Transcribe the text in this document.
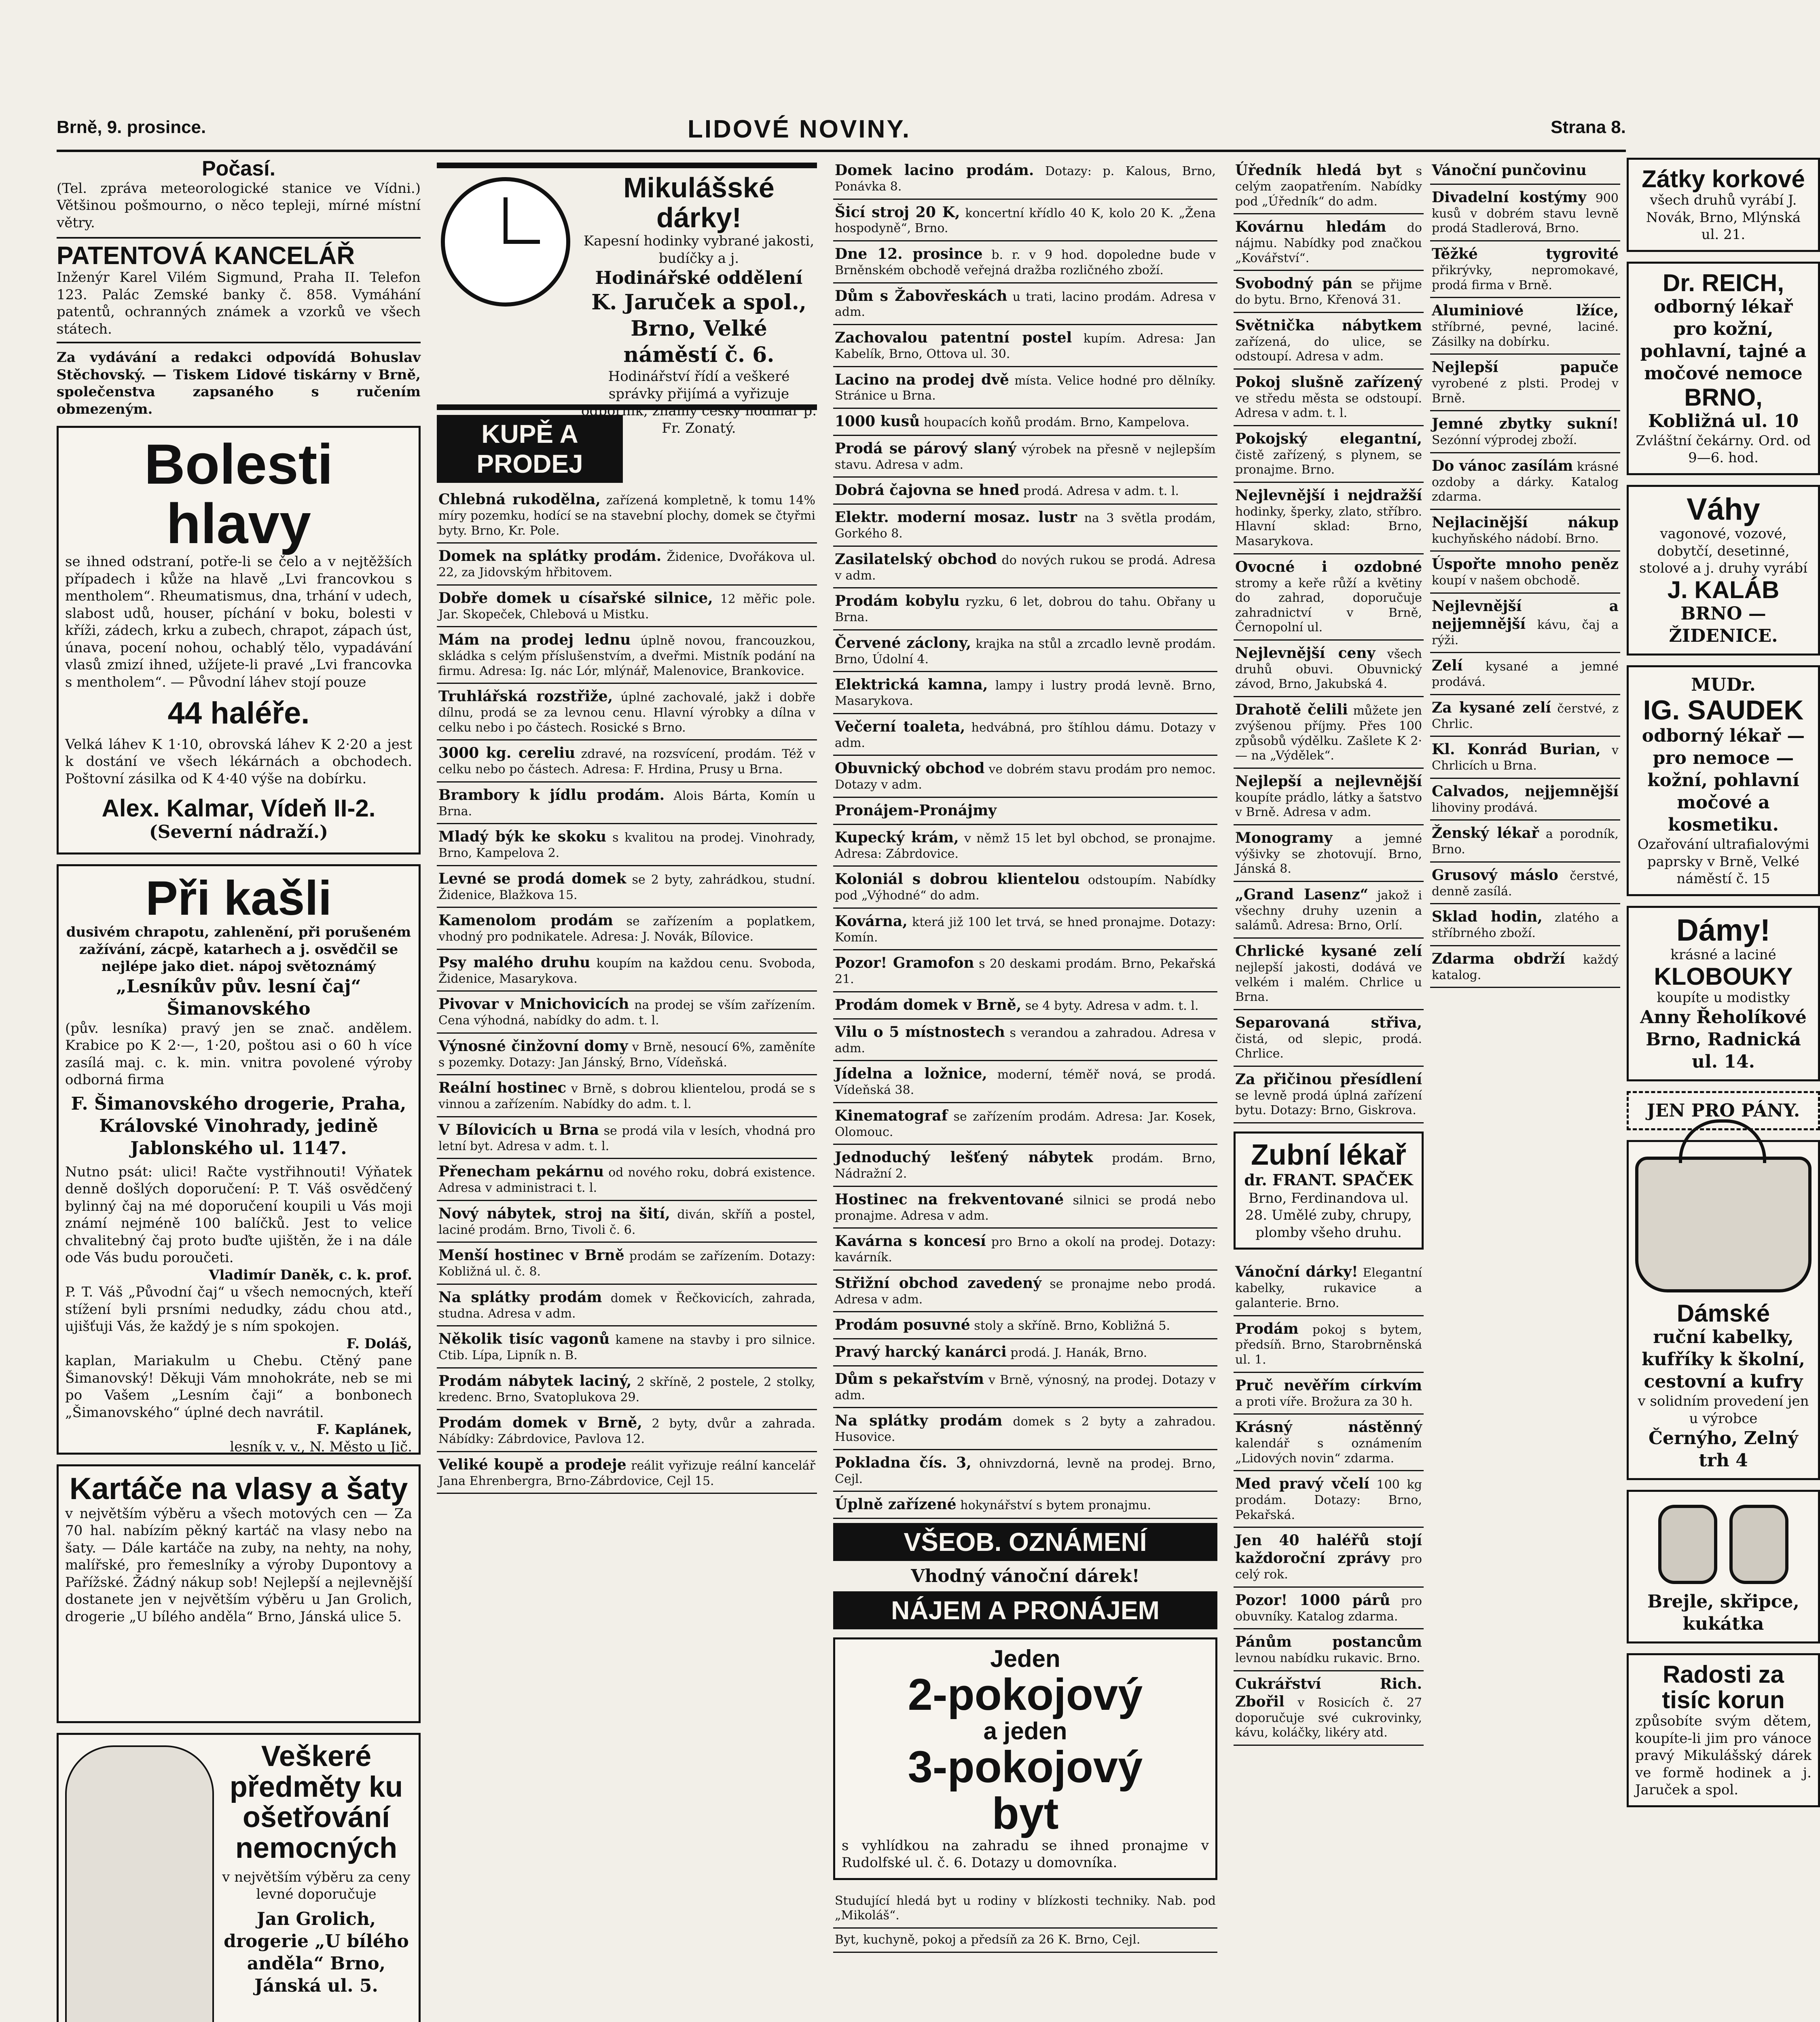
Brně, 9. prosince.	LIDOVÉ NOVINY.	Strana 8.
Počasí.
(Tel. zpráva meteorologické stanice ve Vídni.) Většinou pošmourno, o něco tepleji, mírné místní větry.
PATENTOVÁ KANCELÁŘ
Inženýr Karel Vilém Sigmund, Praha II. Telefon 123. Palác Zemské banky č. 858. Vymáhání patentů, ochranných známek a vzorků ve všech státech.
Za vydávání a redakci odpovídá Bohuslav Stěchovský. — Tiskem Lidové tiskárny v Brně, společenstva zapsaného s ručením obmezeným.
Bolesti hlavy
se ihned odstraní, potře-li se čelo a v nejtěžších případech i kůže na hlavě „Lvi francovkou s mentholem“. Rheumatismus, dna, trhání v udech, slabost udů, houser, píchání v boku, bolesti v kříži, zádech, krku a zubech, chrapot, zápach úst, únava, pocení nohou, ochablý tělo, vypadávání vlasů zmizí ihned, užíjete-li pravé „Lvi francovka s mentholem“. — Původní láhev stojí pouze
44 haléře.
Velká láhev K 1·10, obrovská láhev K 2·20 a jest k dostání ve všech lékárnách a obchodech. Poštovní zásilka od K 4·40 výše na dobírku.
Alex. Kalmar, Vídeň II-2.
(Severní nádraží.)
Při kašli
dusivém chrapotu, zahlenění, při porušeném zažívání, zácpě, katarhech a j. osvědčil se nejlépe jako diet. nápoj světoznámý
„Lesníkův pův. lesní čaj“ Šimanovského
(pův. lesníka) pravý jen se znač. andělem. Krabice po K 2·—, 1·20, poštou asi o 60 h více zasílá maj. c. k. min. vnitra povolené výroby odborná firma
F. Šimanovského drogerie, Praha, Královské Vinohrady, jedině Jablonského ul. 1147.
Nutno psát: ulici! Račte vystřihnouti! Výňatek denně došlých doporučení: P. T. Váš osvědčený bylinný čaj na mé doporučení koupili u Vás moji známí nejméně 100 balíčků. Jest to velice chvalitebný čaj proto buďte ujištěn, že i na dále ode Vás budu poroučeti.
Vladimír Daněk, c. k. prof.
P. T. Váš „Původní čaj“ u všech nemocných, kteří stížení byli prsními nedudky, zádu chou atd., ujišťuji Vás, že každý je s ním spokojen.
F. Doláš,
kaplan, Mariakulm u Chebu. Ctěný pane Šimanovský! Děkuji Vám mnohokráte, neb se mi po Vašem „Lesním čaji“ a bonbonech „Šimanovského“ úplné dech navrátil.
F. Kaplánek,
lesník v. v., N. Město u Jič.
Kartáče na vlasy a šaty
v největším výběru a všech motových cen — Za 70 hal. nabízím pěkný kartáč na vlasy nebo na šaty. — Dále kartáče na zuby, na nehty, na nohy, malířské, pro řemeslníky a výroby Dupontovy a Pařížské. Žádný nákup sob! Nejlepší a nejlevnější dostanete jen v největším výběru u Jan Grolich, drogerie „U bílého anděla“ Brno, Jánská ulice 5.
Veškeré předměty ku ošetřování nemocných
v největším výběru za ceny levné doporučuje
Jan Grolich, drogerie „U bílého anděla“ Brno, Jánská ul. 5.
Mikulášské dárky!
Kapesní hodinky vybrané jakosti, budíčky a j.
Hodinářské oddělení
K. Jaruček a spol., Brno, Velké náměstí č. 6.
Hodinářství řídí a veškeré správky přijímá a vyřizuje odborník, známý český hodinář p. Fr. Zonatý.
KUPĚ A PRODEJ
Chlebná rukodělna, zařízená kompletně, k tomu 14% míry pozemku, hodící se na stavební plochy, domek se čtyřmi byty. Brno, Kr. Pole.
Domek na splátky prodám. Židenice, Dvořákova ul. 22, za Jidovským hřbitovem.
Dobře domek u císařské silnice, 12 měřic pole. Jar. Skopeček, Chlebová u Mistku.
Mám na prodej lednu úplně novou, francouzkou, skládka s celým příslušenstvím, a dveřmi. Mistník podání na firmu. Adresa: Ig. nác Lór, mlýnář, Malenovice, Brankovice.
Truhlářská rozstřiže, úplné zachovalé, jakž i dobře dílnu, prodá se za levnou cenu. Hlavní výrobky a dílna v celku nebo i po částech. Rosické s Brno.
3000 kg. cereliu zdravé, na rozsvícení, prodám. Též v celku nebo po částech. Adresa: F. Hrdina, Prusy u Brna.
Brambory k jídlu prodám. Alois Bárta, Komín u Brna.
Mladý býk ke skoku s kvalitou na prodej. Vinohrady, Brno, Kampelova 2.
Levné se prodá domek se 2 byty, zahrádkou, studní. Židenice, Blažkova 15.
Kamenolom prodám se zařízením a poplatkem, vhodný pro podnikatele. Adresa: J. Novák, Bílovice.
Psy malého druhu koupím na každou cenu. Svoboda, Židenice, Masarykova.
Pivovar v Mnichovicích na prodej se vším zařízením. Cena výhodná, nabídky do adm. t. l.
Výnosné činžovní domy v Brně, nesoucí 6%, zaměníte s pozemky. Dotazy: Jan Jánský, Brno, Vídeňská.
Reální hostinec v Brně, s dobrou klientelou, prodá se s vinnou a zařízením. Nabídky do adm. t. l.
V Bílovicích u Brna se prodá vila v lesích, vhodná pro letní byt. Adresa v adm. t. l.
Přenecham pekárnu od nového roku, dobrá existence. Adresa v administraci t. l.
Nový nábytek, stroj na šití, diván, skříň a postel, laciné prodám. Brno, Tivoli č. 6.
Menší hostinec v Brně prodám se zařízením. Dotazy: Kobližná ul. č. 8.
Na splátky prodám domek v Řečkovicích, zahrada, studna. Adresa v adm.
Několik tisíc vagonů kamene na stavby i pro silnice. Ctib. Lípa, Lipník n. B.
Prodám nábytek laciný, 2 skříně, 2 postele, 2 stolky, kredenc. Brno, Svatoplukova 29.
Prodám domek v Brně, 2 byty, dvůr a zahrada. Nábídky: Zábrdovice, Pavlova 12.
Veliké koupě a prodeje reálit vyřizuje reální kancelář Jana Ehrenbergra, Brno-Zábrdovice, Cejl 15.
Domek lacino prodám. Dotazy: p. Kalous, Brno, Ponávka 8.
Šicí stroj 20 K, koncertní křídlo 40 K, kolo 20 K. „Žena hospodyně“, Brno.
Dne 12. prosince b. r. v 9 hod. dopoledne bude v Brněnském obchodě veřejná dražba rozličného zboží.
Dům s Žabovřeskách u trati, lacino prodám. Adresa v adm.
Zachovalou patentní postel kupím. Adresa: Jan Kabelík, Brno, Ottova ul. 30.
Lacino na prodej dvě místa. Velice hodné pro dělníky. Stránice u Brna.
1000 kusů houpacích koňů prodám. Brno, Kampelova.
Prodá se párový slaný výrobek na přesně v nejlepším stavu. Adresa v adm.
Dobrá čajovna se hned prodá. Adresa v adm. t. l.
Elektr. moderní mosaz. lustr na 3 světla prodám, Gorkého 8.
Zasilatelský obchod do nových rukou se prodá. Adresa v adm.
Prodám kobylu ryzku, 6 let, dobrou do tahu. Obřany u Brna.
Červené záclony, krajka na stůl a zrcadlo levně prodám. Brno, Údolní 4.
Elektrická kamna, lampy i lustry prodá levně. Brno, Masarykova.
Večerní toaleta, hedvábná, pro štíhlou dámu. Dotazy v adm.
Obuvnický obchod ve dobrém stavu prodám pro nemoc. Dotazy v adm.
Pronájem-Pronájmy
Kupecký krám, v němž 15 let byl obchod, se pronajme. Adresa: Zábrdovice.
Koloniál s dobrou klientelou odstoupím. Nabídky pod „Výhodné“ do adm.
Kovárna, která již 100 let trvá, se hned pronajme. Dotazy: Komín.
Pozor! Gramofon s 20 deskami prodám. Brno, Pekařská 21.
Prodám domek v Brně, se 4 byty. Adresa v adm. t. l.
Vilu o 5 místnostech s verandou a zahradou. Adresa v adm.
Jídelna a ložnice, moderní, téměř nová, se prodá. Vídeňská 38.
Kinematograf se zařízením prodám. Adresa: Jar. Kosek, Olomouc.
Jednoduchý lešťený nábytek prodám. Brno, Nádražní 2.
Hostinec na frekventované silnici se prodá nebo pronajme. Adresa v adm.
Kavárna s koncesí pro Brno a okolí na prodej. Dotazy: kavárník.
Střižní obchod zavedený se pronajme nebo prodá. Adresa v adm.
Prodám posuvné stoly a skříně. Brno, Kobližná 5.
Pravý harcký kanárci prodá. J. Hanák, Brno.
Dům s pekařstvím v Brně, výnosný, na prodej. Dotazy v adm.
Na splátky prodám domek s 2 byty a zahradou. Husovice.
Pokladna čís. 3, ohnivzdorná, levně na prodej. Brno, Cejl.
Úplně zařízené hokynářství s bytem pronajmu.
VŠEOB. OZNÁMENÍ
Vhodný vánoční dárek!
NÁJEM A PRONÁJEM
Jeden
2-pokojový
a jeden
3-pokojový
byt
s vyhlídkou na zahradu se ihned pronajme v Rudolfské ul. č. 6. Dotazy u domovníka.
Studující hledá byt u rodiny v blízkosti techniky. Nab. pod „Mikoláš“.
Byt, kuchyně, pokoj a předsíň za 26 K. Brno, Cejl.
Úředník hledá byt s celým zaopatřením. Nabídky pod „Úředník“ do adm.
Kovárnu hledám do nájmu. Nabídky pod značkou „Kovářství“.
Svobodný pán se přijme do bytu. Brno, Křenová 31.
Světnička nábytkem zařízená, do ulice, se odstoupí. Adresa v adm.
Pokoj slušně zařízený ve středu města se odstoupí. Adresa v adm. t. l.
Pokojský elegantní, čistě zařízený, s plynem, se pronajme. Brno.
Nejlevnější i nejdražší hodinky, šperky, zlato, stříbro. Hlavní sklad: Brno, Masarykova.
Ovocné i ozdobné stromy a keře růží a květiny do zahrad, doporučuje zahradnictví v Brně, Černopolní ul.
Nejlevnější ceny všech druhů obuvi. Obuvnický závod, Brno, Jakubská 4.
Drahotě čelili můžete jen zvýšenou příjmy. Přes 100 způsobů výdělku. Zašlete K 2·— na „Výdělek“.
Nejlepší a nejlevnější koupíte prádlo, látky a šatstvo v Brně. Adresa v adm.
Monogramy a jemné výšivky se zhotovují. Brno, Jánská 8.
„Grand Lasenz“ jakož i všechny druhy uzenin a salámů. Adresa: Brno, Orlí.
Chrlické kysané zelí nejlepší jakosti, dodává ve velkém i malém. Chrlice u Brna.
Separovaná střiva, čistá, od slepic, prodá. Chrlice.
Za přičinou přesídlení se levně prodá úplná zařízení bytu. Dotazy: Brno, Giskrova.
Zubní lékař
dr. FRANT. SPAČEK
Brno, Ferdinandova ul. 28. Umělé zuby, chrupy, plomby všeho druhu.
Vánoční dárky! Elegantní kabelky, rukavice a galanterie. Brno.
Prodám pokoj s bytem, předsíň. Brno, Starobrněnská ul. 1.
Pruč nevěřím církvím a proti víře. Brožura za 30 h.
Krásný nástěnný kalendář s oznámením „Lidových novin“ zdarma.
Med pravý včelí 100 kg prodám. Dotazy: Brno, Pekařská.
Jen 40 haléřů stojí každoroční zprávy pro celý rok.
Pozor! 1000 párů pro obuvníky. Katalog zdarma.
Pánům postancům levnou nabídku rukavic. Brno.
Cukrářství Rich. Zbořil v Rosicích č. 27 doporučuje své cukrovinky, kávu, koláčky, likéry atd.
Vánoční punčovinu
Divadelní kostýmy 900 kusů v dobrém stavu levně prodá Stadlerová, Brno.
Těžké tygrovité přikrývky, nepromokavé, prodá firma v Brně.
Aluminiové lžíce, stříbrné, pevné, laciné. Zásilky na dobírku.
Nejlepší papuče vyrobené z plsti. Prodej v Brně.
Jemné zbytky sukní! Sezónní výprodej zboží.
Do vánoc zasílám krásné ozdoby a dárky. Katalog zdarma.
Nejlacinější nákup kuchyňského nádobí. Brno.
Úspořte mnoho peněz koupí v našem obchodě.
Nejlevnější a nejjemnější kávu, čaj a rýži.
Zelí kysané a jemné prodává.
Za kysané zelí čerstvé, z Chrlic.
Kl. Konrád Burian, v Chrlicích u Brna.
Calvados, nejjemnější lihoviny prodává.
Ženský lékař a porodník, Brno.
Grusový máslo čerstvé, denně zasílá.
Sklad hodin, zlatého a stříbrného zboží.
Zdarma obdrží každý katalog.
Zátky korkové
všech druhů vyrábí J. Novák, Brno, Mlýnská ul. 21.
Dr. REICH,
odborný lékař pro kožní, pohlavní, tajné a močové nemoce
BRNO,
Kobližná ul. 10
Zvláštní čekárny. Ord. od 9—6. hod.
Váhy
vagonové, vozové, dobytčí, desetinné, stolové a j. druhy vyrábí
J. KALÁB
BRNO — ŽIDENICE.
MUDr.
IG. SAUDEK
odborný lékař — pro nemoce — kožní, pohlavní močové a kosmetiku.
Ozařování ultrafialovými paprsky v Brně, Velké náměstí č. 15
Dámy!
krásné a laciné
KLOBOUKY
koupíte u modistky
Anny Řeholíkové
Brno, Radnická ul. 14.
JEN PRO PÁNY.
Dámské
ruční kabelky, kufříky k školní, cestovní a kufry
v solidním provedení jen u výrobce
Černýho, Zelný trh 4
Brejle, skřipce, kukátka
Radosti za tisíc korun
způsobíte svým dětem, koupíte-li jim pro vánoce pravý Mikulášský dárek ve formě hodinek a j. Jaruček a spol.
